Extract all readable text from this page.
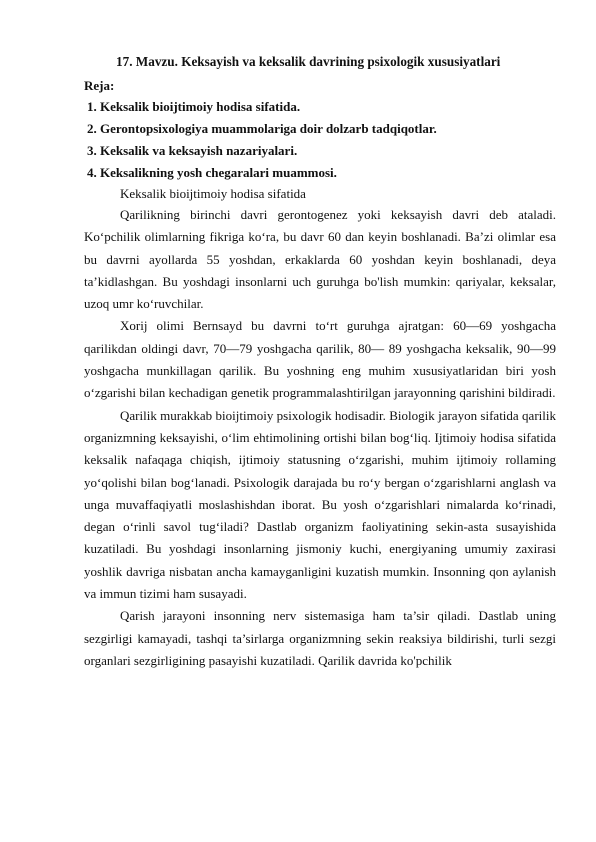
17. Mavzu. Keksayish va keksalik davrining psixologik xususiyatlari

Reja:

1. Keksalik bioijtimoiy hodisa sifatida.

2. Gerontopsixologiya muammolariga doir dolzarb tadqiqotlar.

3. Keksalik va keksayish nazariyalari.

4. Keksalikning yosh chegaralari muammosi.

Keksalik bioijtimoiy hodisa sifatida

Qarilikning birinchi davri gerontogenez yoki keksayish davri deb ataladi. Ko‘pchilik olimlarning fikriga ko‘ra, bu davr 60 dan keyin boshlanadi. Ba’zi olimlar esa bu davrni ayollarda 55 yoshdan, erkaklarda 60 yoshdan keyin boshlanadi, deya ta’kidlashgan. Bu yoshdagi insonlarni uch guruhga bo'lish mumkin: qariyalar, keksalar, uzoq umr ko‘ruvchilar.

Xorij olimi Bernsayd bu davrni to‘rt guruhga ajratgan: 60—69 yoshgacha qarilikdan oldingi davr, 70—79 yoshgacha qarilik, 80— 89 yoshgacha keksalik, 90—99 yoshgacha munkillagan qarilik. Bu yoshning eng muhim xususiyatlaridan biri yosh o‘zgarishi bilan kechadigan genetik programmalashtirilgan jarayonning qarishini bildiradi.

Qarilik murakkab bioijtimoiy psixologik hodisadir. Biologik jarayon sifatida qarilik organizmning keksayishi, o‘lim ehtimolining ortishi bilan bog‘liq. Ijtimoiy hodisa sifatida keksalik nafaqaga chiqish, ijtimoiy statusning o‘zgarishi, muhim ijtimoiy rollaming yo‘qolishi bilan bog‘lanadi. Psixologik darajada bu ro‘y bergan o‘zgarishlarni anglash va unga muvaffaqiyatli moslashishdan iborat. Bu yosh o‘zgarishlari nimalarda ko‘rinadi, degan o‘rinli savol tug‘iladi? Dastlab organizm faoliyatining sekin-asta susayishida kuzatiladi. Bu yoshdagi insonlarning jismoniy kuchi, energiyaning umumiy zaxirasi yoshlik davriga nisbatan ancha kamayganligini kuzatish mumkin. Insonning qon aylanish va immun tizimi ham susayadi.

Qarish jarayoni insonning nerv sistemasiga ham ta’sir qiladi. Dastlab uning sezgirligi kamayadi, tashqi ta’sirlarga organizmning sekin reaksiya bildirishi, turli sezgi organlari sezgirligining pasayishi kuzatiladi. Qarilik davrida ko'pchilik
